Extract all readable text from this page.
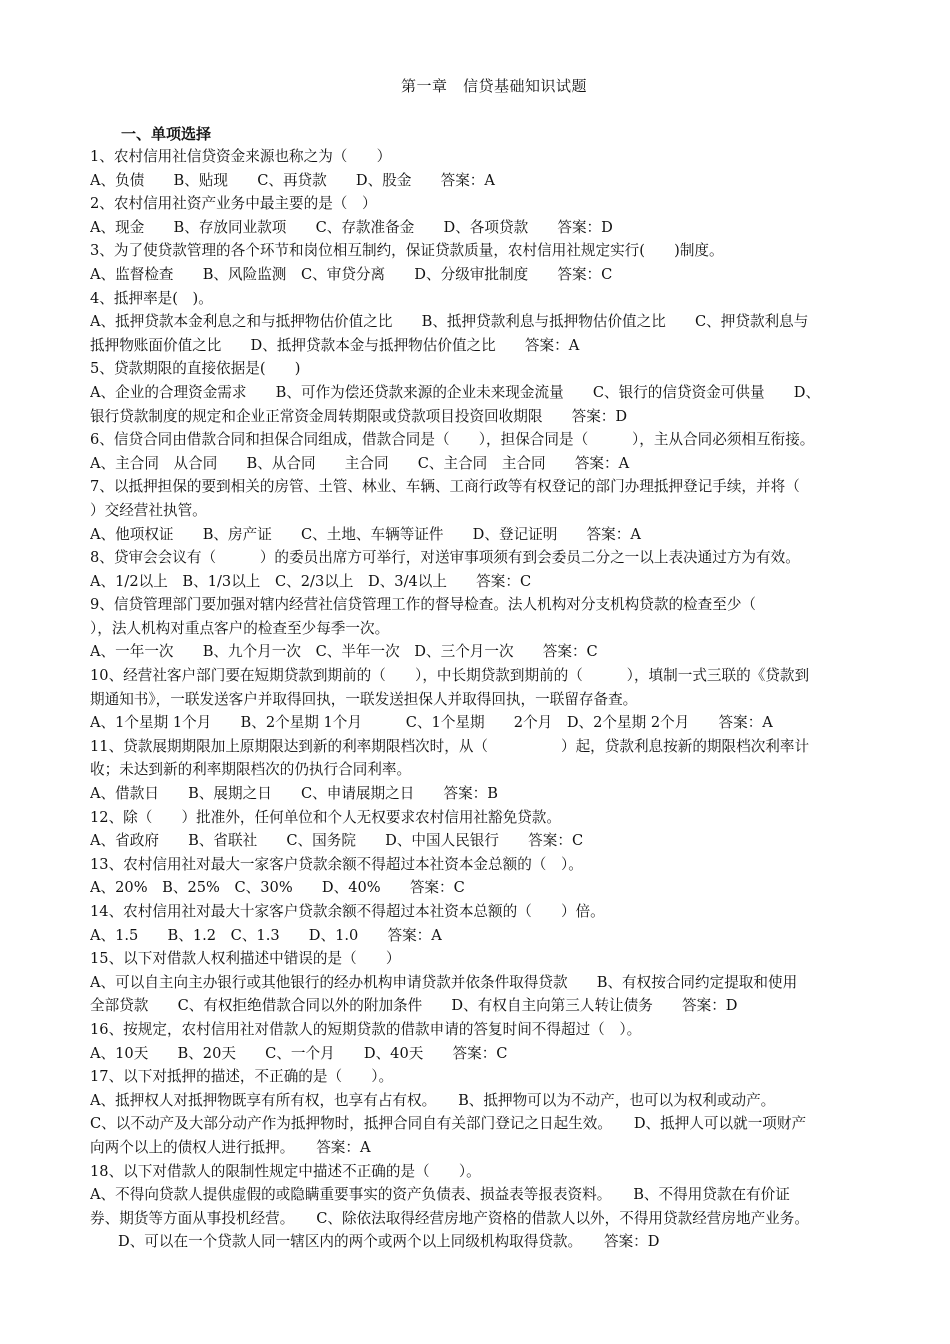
第一章　信贷基础知识试题
一、单项选择
1、农村信用社信贷资金来源也称之为（　　）
A、负债　　B、贴现　　C、再贷款　　D、股金　　答案：A
2、农村信用社资产业务中最主要的是（　）
A、现金　　B、存放同业款项　　C、存款准备金　　D、各项贷款　　答案：D
3、为了使贷款管理的各个环节和岗位相互制约，保证贷款质量，农村信用社规定实行(　　)制度。
A、监督检查　　B、风险监测　C、审贷分离　　D、分级审批制度　　答案：C
4、抵押率是(　)。
A、抵押贷款本金利息之和与抵押物估价值之比　　B、抵押贷款利息与抵押物估价值之比　　C、押贷款利息与
抵押物账面价值之比　　D、抵押贷款本金与抵押物估价值之比　　答案：A
5、贷款期限的直接依据是(　　)
A、企业的合理资金需求　　B、可作为偿还贷款来源的企业未来现金流量　　C、银行的信贷资金可供量　　D、
银行贷款制度的规定和企业正常资金周转期限或贷款项目投资回收期限　　答案：D
6、信贷合同由借款合同和担保合同组成，借款合同是（　　），担保合同是（　　　），主从合同必须相互衔接。
A、主合同　从合同　　B、从合同　　主合同　　C、主合同　主合同　　答案：A
7、以抵押担保的要到相关的房管、土管、林业、车辆、工商行政等有权登记的部门办理抵押登记手续，并将（
）交经营社执管。
A、他项权证　　B、房产证　　C、土地、车辆等证件　　D、登记证明　　答案：A
8、贷审会会议有（　　　）的委员出席方可举行，对送审事项须有到会委员二分之一以上表决通过方为有效。
A、1/2以上　B、1/3以上　C、2/3以上　D、3/4以上　　答案：C
9、信贷管理部门要加强对辖内经营社信贷管理工作的督导检查。法人机构对分支机构贷款的检查至少（
），法人机构对重点客户的检查至少每季一次。
A、一年一次　　B、九个月一次　C、半年一次　D、三个月一次　　答案：C
10、经营社客户部门要在短期贷款到期前的（　　），中长期贷款到期前的（　　　），填制一式三联的《贷款到
期通知书》，一联发送客户并取得回执，一联发送担保人并取得回执，一联留存备查。
A、1个星期 1个月　　B、2个星期 1个月　　　C、1个星期　　2个月　D、2个星期 2个月　　答案：A
11、贷款展期期限加上原期限达到新的利率期限档次时，从（　　　　　）起，贷款利息按新的期限档次利率计
收；未达到新的利率期限档次的仍执行合同利率。
A、借款日　　B、展期之日　　C、申请展期之日　　答案：B
12、除（　　）批准外，任何单位和个人无权要求农村信用社豁免贷款。
A、省政府　　B、省联社　　C、国务院　　D、中国人民银行　　答案：C
13、农村信用社对最大一家客户贷款余额不得超过本社资本金总额的（　）。
A、20%　B、25%　C、30%　　D、40%　　答案：C
14、农村信用社对最大十家客户贷款余额不得超过本社资本总额的（　　）倍。
A、1.5　　B、1.2　C、1.3　　D、1.0　　答案：A
15、以下对借款人权利描述中错误的是（　　）
A、可以自主向主办银行或其他银行的经办机构申请贷款并依条件取得贷款　　B、有权按合同约定提取和使用
全部贷款　　C、有权拒绝借款合同以外的附加条件　　D、有权自主向第三人转让债务　　答案：D
16、按规定，农村信用社对借款人的短期贷款的借款申请的答复时间不得超过（　）。
A、10天　　B、20天　　C、一个月　　D、40天　　答案：C
17、以下对抵押的描述，不正确的是（　　）。
A、抵押权人对抵押物既享有所有权，也享有占有权。　　B、抵押物可以为不动产，也可以为权利或动产。
C、以不动产及大部分动产作为抵押物时，抵押合同自有关部门登记之日起生效。　　D、抵押人可以就一项财产
向两个以上的债权人进行抵押。　　答案：A
18、以下对借款人的限制性规定中描述不正确的是（　　）。
A、不得向贷款人提供虚假的或隐瞒重要事实的资产负债表、损益表等报表资料。　　B、不得用贷款在有价证
券、期货等方面从事投机经营。　　C、除依法取得经营房地产资格的借款人以外，不得用贷款经营房地产业务。
D、可以在一个贷款人同一辖区内的两个或两个以上同级机构取得贷款。　　答案：D
